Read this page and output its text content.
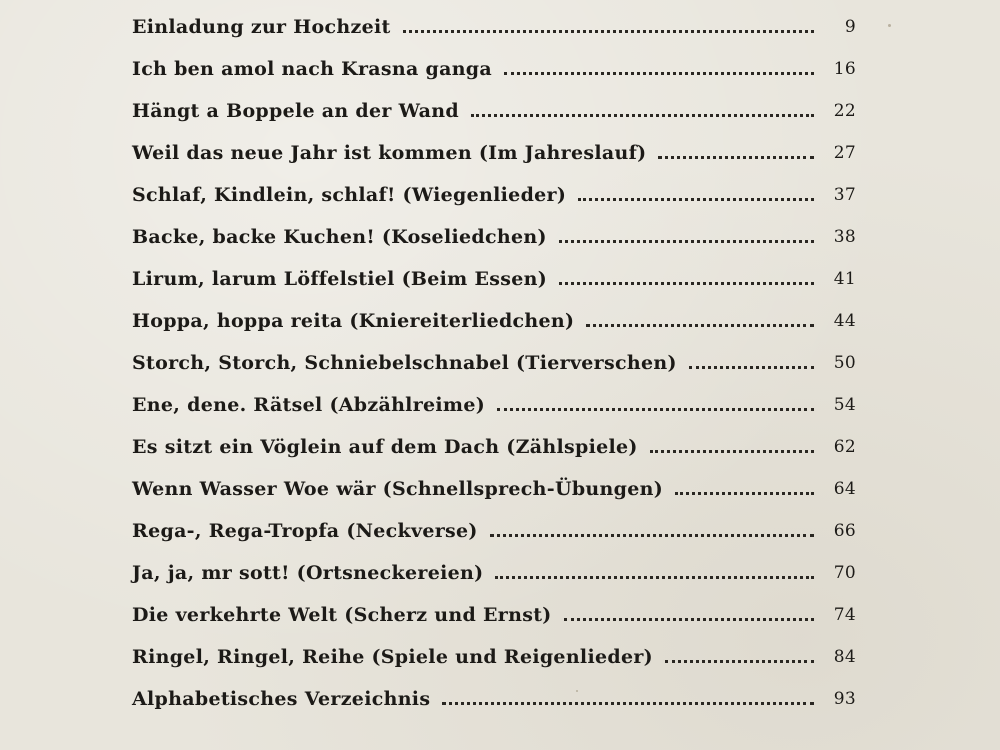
Einladung zur Hochzeit	9
Ich ben amol nach Krasna ganga	16
Hängt a Boppele an der Wand	22
Weil das neue Jahr ist kommen (Im Jahreslauf)	27
Schlaf, Kindlein, schlaf! (Wiegenlieder)	37
Backe, backe Kuchen! (Koseliedchen)	38
Lirum, larum Löffelstiel (Beim Essen)	41
Hoppa, hoppa reita (Kniereiterliedchen)	44
Storch, Storch, Schniebelschnabel (Tierverschen)	50
Ene, dene. Rätsel (Abzählreime)	54
Es sitzt ein Vöglein auf dem Dach (Zählspiele)	62
Wenn Wasser Woe wär (Schnellsprech-Übungen)	64
Rega-, Rega-Tropfa (Neckverse)	66
Ja, ja, mr sott! (Ortsneckereien)	70
Die verkehrte Welt (Scherz und Ernst)	74
Ringel, Ringel, Reihe (Spiele und Reigenlieder)	84
Alphabetisches Verzeichnis	93
